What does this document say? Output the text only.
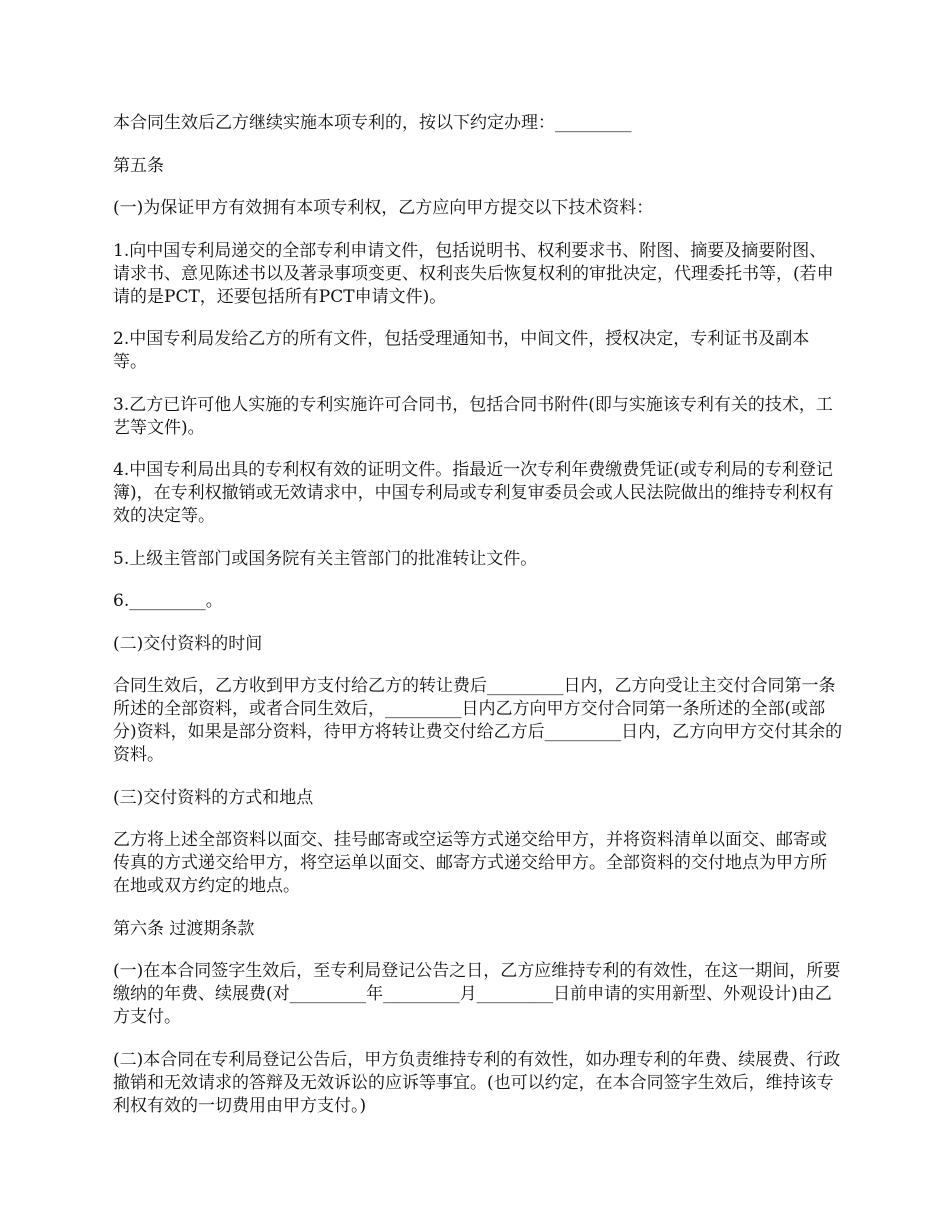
本合同生效后乙方继续实施本项专利的，按以下约定办理：_________

第五条

(一)为保证甲方有效拥有本项专利权，乙方应向甲方提交以下技术资料：

1.向中国专利局递交的全部专利申请文件，包括说明书、权利要求书、附图、摘要及摘要附图、请求书、意见陈述书以及著录事项变更、权利丧失后恢复权利的审批决定，代理委托书等，(若申请的是PCT，还要包括所有PCT申请文件)。

2.中国专利局发给乙方的所有文件，包括受理通知书，中间文件，授权决定，专利证书及副本等。

3.乙方已许可他人实施的专利实施许可合同书，包括合同书附件(即与实施该专利有关的技术，工艺等文件)。

4.中国专利局出具的专利权有效的证明文件。指最近一次专利年费缴费凭证(或专利局的专利登记簿)，在专利权撤销或无效请求中，中国专利局或专利复审委员会或人民法院做出的维持专利权有效的决定等。

5.上级主管部门或国务院有关主管部门的批准转让文件。

6._________。

(二)交付资料的时间

合同生效后，乙方收到甲方支付给乙方的转让费后_________日内，乙方向受让主交付合同第一条所述的全部资料，或者合同生效后，_________日内乙方向甲方交付合同第一条所述的全部(或部分)资料，如果是部分资料，待甲方将转让费交付给乙方后_________日内，乙方向甲方交付其余的资料。

(三)交付资料的方式和地点

乙方将上述全部资料以面交、挂号邮寄或空运等方式递交给甲方，并将资料清单以面交、邮寄或传真的方式递交给甲方，将空运单以面交、邮寄方式递交给甲方。全部资料的交付地点为甲方所在地或双方约定的地点。

第六条 过渡期条款

(一)在本合同签字生效后，至专利局登记公告之日，乙方应维持专利的有效性，在这一期间，所要缴纳的年费、续展费(对_________年_________月_________日前申请的实用新型、外观设计)由乙方支付。

(二)本合同在专利局登记公告后，甲方负责维持专利的有效性，如办理专利的年费、续展费、行政撤销和无效请求的答辩及无效诉讼的应诉等事宜。(也可以约定，在本合同签字生效后，维持该专利权有效的一切费用由甲方支付。)
